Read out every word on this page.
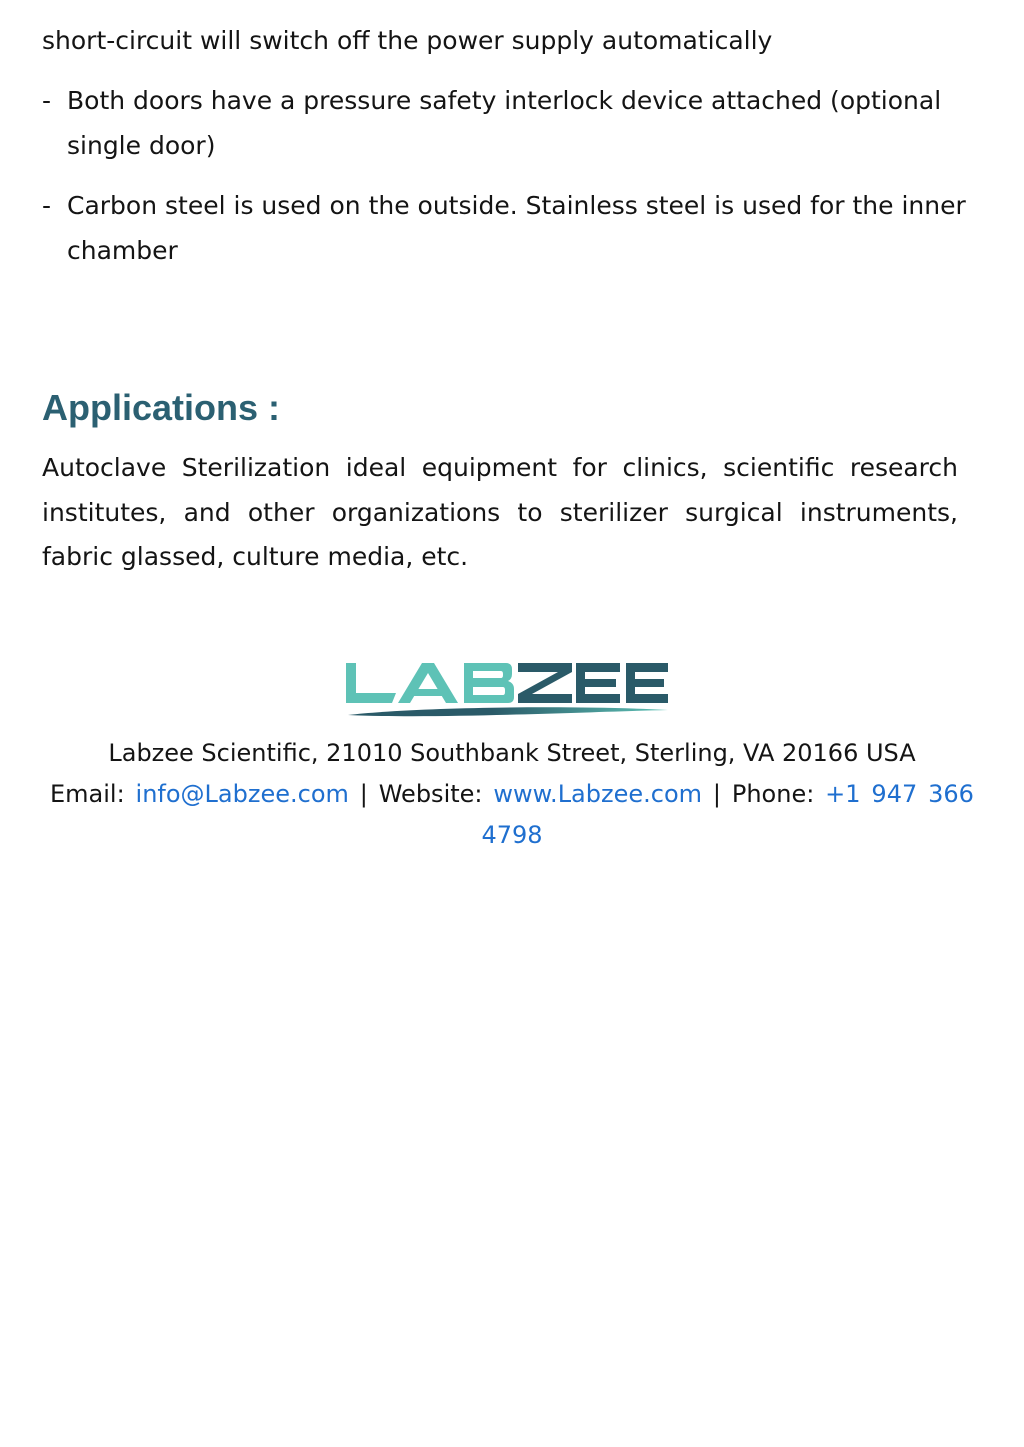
short-circuit will switch off the power supply automatically

- Both doors have a pressure safety interlock device attached (optional single door)
- Carbon steel is used on the outside. Stainless steel is used for the inner chamber
Applications :

Autoclave Sterilization ideal equipment for clinics, scientific research institutes, and other organizations to sterilizer surgical instruments, fabric glassed, culture media, etc.

Labzee Scientific, 21010 Southbank Street, Sterling, VA 20166 USA

Email: info@Labzee.com | Website: www.Labzee.com | Phone: +1 947 366 4798
